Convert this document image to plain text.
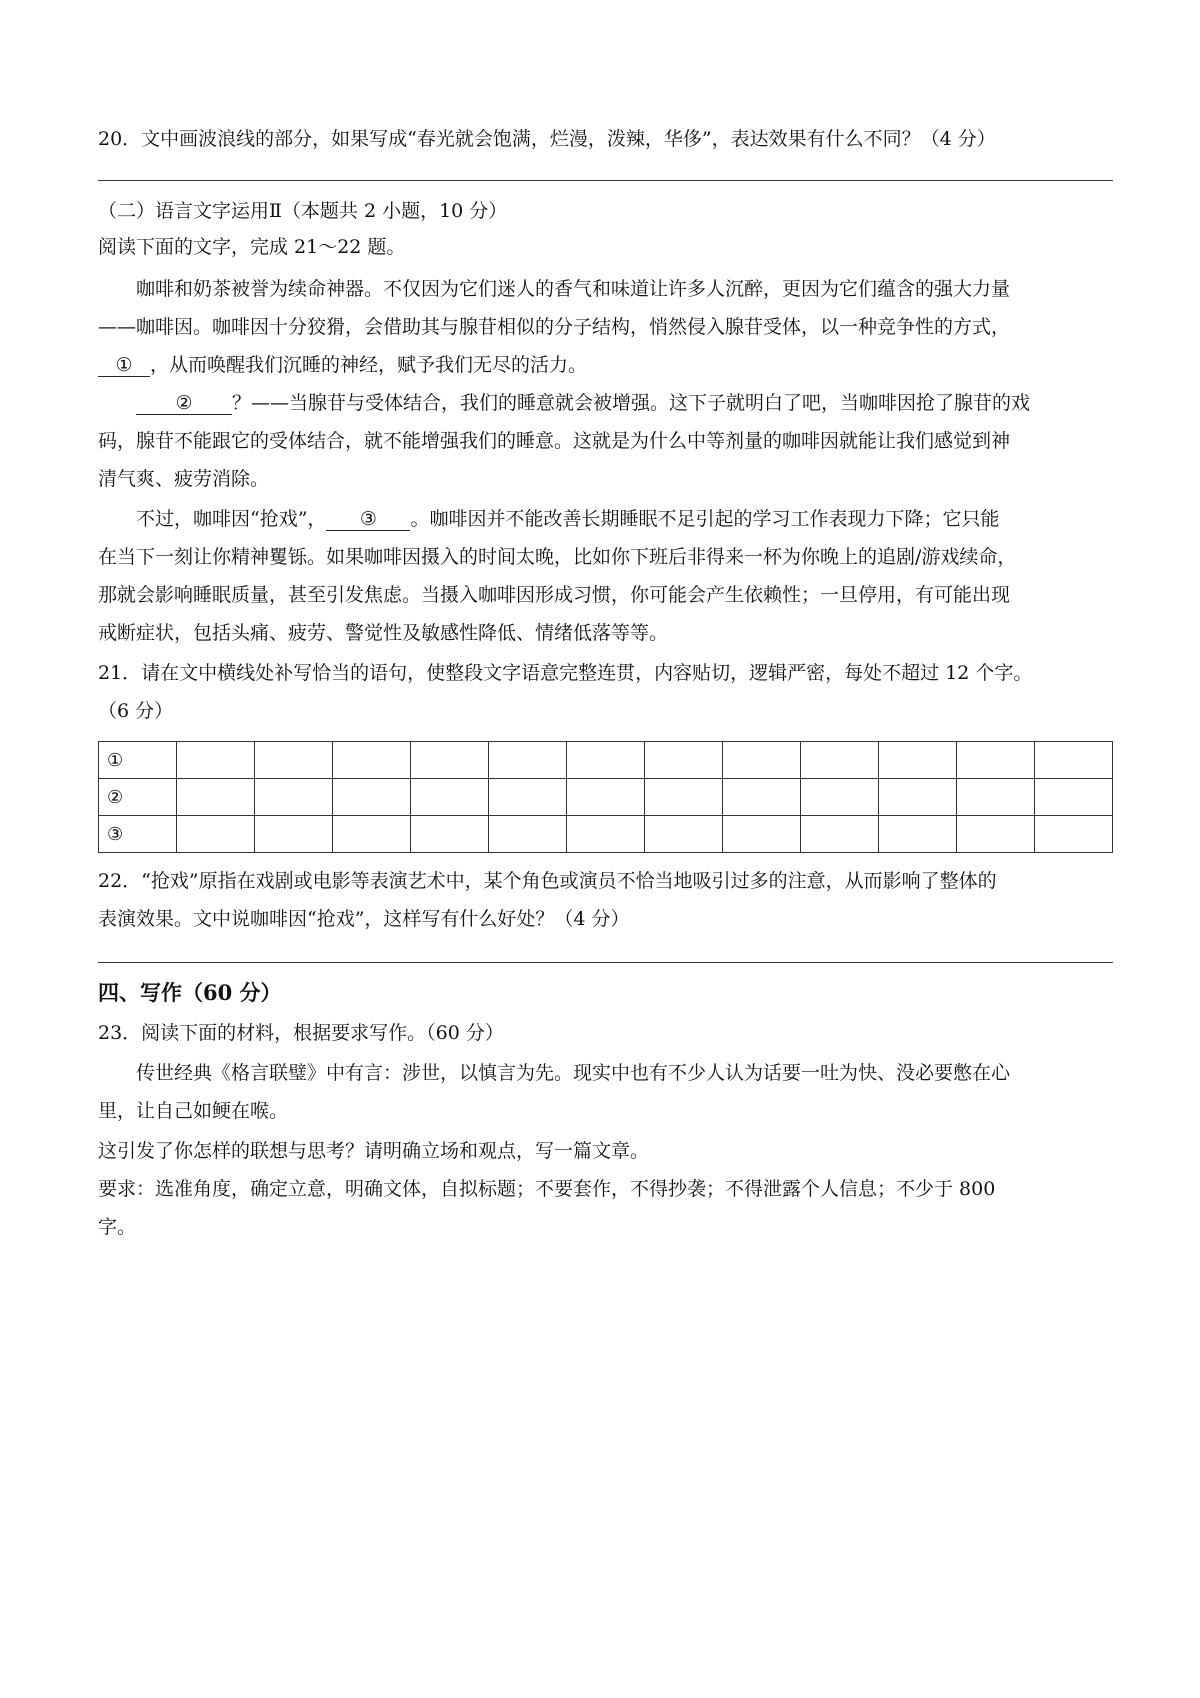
20．文中画波浪线的部分，如果写成“春光就会饱满，烂漫，泼辣，华侈”，表达效果有什么不同？（4 分）
（二）语言文字运用Ⅱ（本题共 2 小题，10 分）
阅读下面的文字，完成 21～22 题。
咖啡和奶茶被誉为续命神器。不仅因为它们迷人的香气和味道让许多人沉醉，更因为它们蕴含的强大力量
——咖啡因。咖啡因十分狡猾，会借助其与腺苷相似的分子结构，悄然侵入腺苷受体，以一种竞争性的方式，
① ，从而唤醒我们沉睡的神经，赋予我们无尽的活力。
② ？——当腺苷与受体结合，我们的睡意就会被增强。这下子就明白了吧，当咖啡因抢了腺苷的戏
码，腺苷不能跟它的受体结合，就不能增强我们的睡意。这就是为什么中等剂量的咖啡因就能让我们感觉到神
清气爽、疲劳消除。
不过，咖啡因“抢戏”， ③ 。咖啡因并不能改善长期睡眠不足引起的学习工作表现力下降；它只能
在当下一刻让你精神矍铄。如果咖啡因摄入的时间太晚，比如你下班后非得来一杯为你晚上的追剧/游戏续命，
那就会影响睡眠质量，甚至引发焦虑。当摄入咖啡因形成习惯，你可能会产生依赖性；一旦停用，有可能出现
戒断症状，包括头痛、疲劳、警觉性及敏感性降低、情绪低落等等。
21．请在文中横线处补写恰当的语句，使整段文字语意完整连贯，内容贴切，逻辑严密，每处不超过 12 个字。
（6 分）
①												
②												
③												
22．“抢戏”原指在戏剧或电影等表演艺术中，某个角色或演员不恰当地吸引过多的注意，从而影响了整体的
表演效果。文中说咖啡因“抢戏”，这样写有什么好处？（4 分）
四、写作（60 分）
23．阅读下面的材料，根据要求写作。（60 分）
传世经典《格言联璧》中有言：涉世，以慎言为先。现实中也有不少人认为话要一吐为快、没必要憋在心
里，让自己如鲠在喉。
这引发了你怎样的联想与思考？请明确立场和观点，写一篇文章。
要求：选准角度，确定立意，明确文体，自拟标题；不要套作，不得抄袭；不得泄露个人信息；不少于 800
字。
